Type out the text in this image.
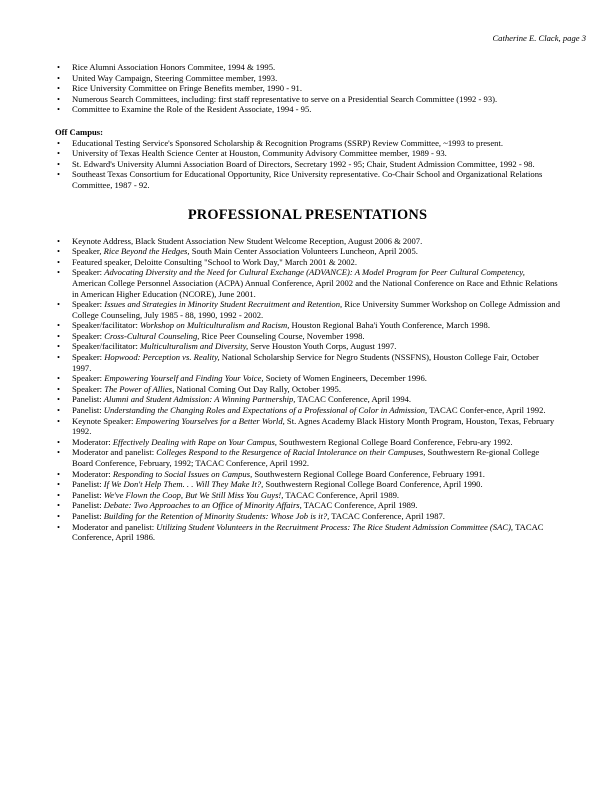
Catherine E. Clack, page 3
• Rice Alumni Association Honors Commitee, 1994 & 1995.
• United Way Campaign, Steering Committee member, 1993.
• Rice University Committee on Fringe Benefits member, 1990 - 91.
• Numerous Search Committees, including: first staff representative to serve on a Presidential Search Committee (1992 - 93).
• Committee to Examine the Role of the Resident Associate, 1994 - 95.
Off Campus:
• Educational Testing Service's Sponsored Scholarship & Recognition Programs (SSRP) Review Committee, ~1993 to present.
• University of Texas Health Science Center at Houston, Community Advisory Committee member, 1989 - 93.
• St. Edward's University Alumni Association Board of Directors, Secretary 1992 - 95; Chair, Student Admission Committee, 1992 - 98.
• Southeast Texas Consortium for Educational Opportunity, Rice University representative. Co-Chair School and Organizational Relations Committee, 1987 - 92.
PROFESSIONAL PRESENTATIONS
• Keynote Address, Black Student Association New Student Welcome Reception, August 2006 & 2007.
• Speaker, Rice Beyond the Hedges, South Main Center Association Volunteers Luncheon, April 2005.
• Featured speaker, Deloitte Consulting "School to Work Day," March 2001 & 2002.
• Speaker: Advocating Diversity and the Need for Cultural Exchange (ADVANCE): A Model Program for Peer Cultural Competency, American College Personnel Association (ACPA) Annual Conference, April 2002 and the National Conference on Race and Ethnic Relations in American Higher Education (NCORE), June 2001.
• Speaker: Issues and Strategies in Minority Student Recruitment and Retention, Rice University Summer Workshop on College Admission and College Counseling, July 1985 - 88, 1990, 1992 - 2002.
• Speaker/facilitator: Workshop on Multiculturalism and Racism, Houston Regional Baha'i Youth Conference, March 1998.
• Speaker: Cross-Cultural Counseling, Rice Peer Counseling Course, November 1998.
• Speaker/facilitator: Multiculturalism and Diversity, Serve Houston Youth Corps, August 1997.
• Speaker: Hopwood: Perception vs. Reality, National Scholarship Service for Negro Students (NSSFNS), Houston College Fair, October 1997.
• Speaker: Empowering Yourself and Finding Your Voice, Society of Women Engineers, December 1996.
• Speaker: The Power of Allies, National Coming Out Day Rally, October 1995.
• Panelist: Alumni and Student Admission: A Winning Partnership, TACAC Conference, April 1994.
• Panelist: Understanding the Changing Roles and Expectations of a Professional of Color in Admission, TACAC Confer-ence, April 1992.
• Keynote Speaker: Empowering Yourselves for a Better World, St. Agnes Academy Black History Month Program, Houston, Texas, February 1992.
• Moderator: Effectively Dealing with Rape on Your Campus, Southwestern Regional College Board Conference, Febru-ary 1992.
• Moderator and panelist: Colleges Respond to the Resurgence of Racial Intolerance on their Campuses, Southwestern Re-gional College Board Conference, February, 1992; TACAC Conference, April 1992.
• Moderator: Responding to Social Issues on Campus, Southwestern Regional College Board Conference, February 1991.
• Panelist: If We Don't Help Them. . . Will They Make It?, Southwestern Regional College Board Conference, April 1990.
• Panelist: We've Flown the Coop, But We Still Miss You Guys!, TACAC Conference, April 1989.
• Panelist: Debate: Two Approaches to an Office of Minority Affairs, TACAC Conference, April 1989.
• Panelist: Building for the Retention of Minority Students: Whose Job is it?, TACAC Conference, April 1987.
• Moderator and panelist: Utilizing Student Volunteers in the Recruitment Process: The Rice Student Admission Committee (SAC), TACAC Conference, April 1986.
